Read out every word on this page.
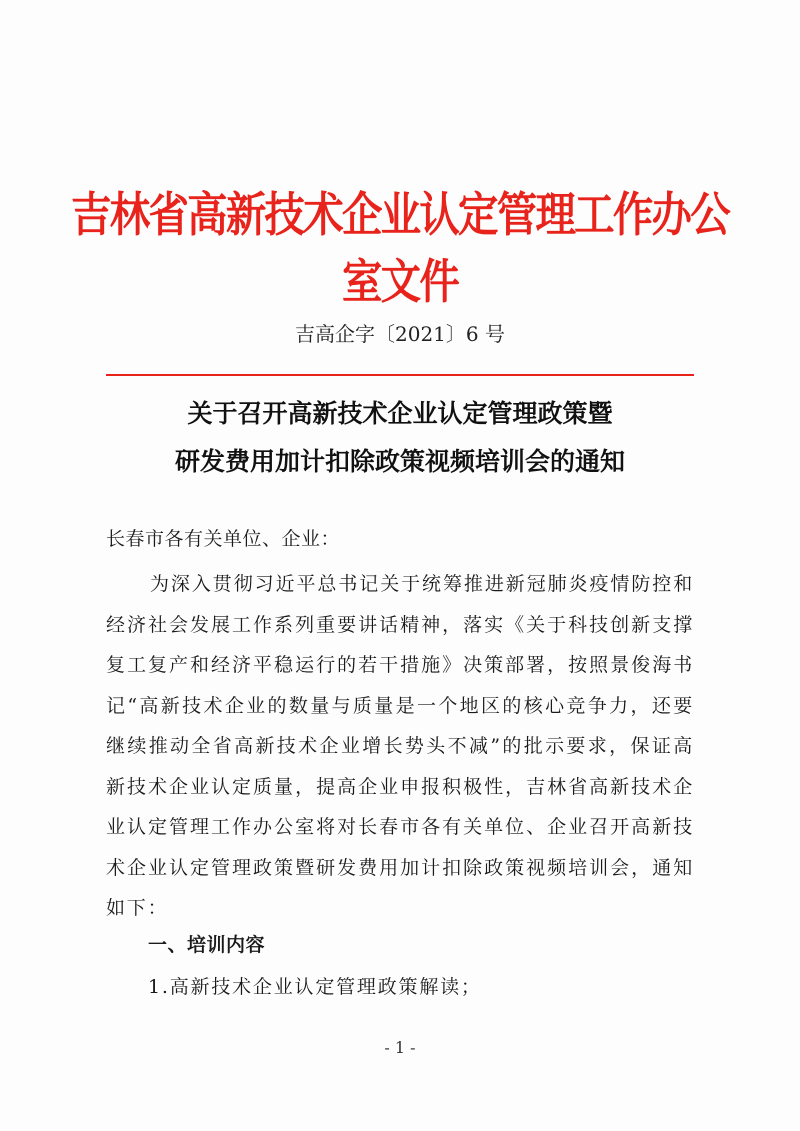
吉林省高新技术企业认定管理工作办公室文件
吉高企字〔2021〕6 号
关于召开高新技术企业认定管理政策暨
研发费用加计扣除政策视频培训会的通知
长春市各有关单位、企业：
为深入贯彻习近平总书记关于统筹推进新冠肺炎疫情防控和经济社会发展工作系列重要讲话精神，落实《关于科技创新支撑复工复产和经济平稳运行的若干措施》决策部署，按照景俊海书记“高新技术企业的数量与质量是一个地区的核心竞争力，还要继续推动全省高新技术企业增长势头不减”的批示要求，保证高新技术企业认定质量，提高企业申报积极性，吉林省高新技术企业认定管理工作办公室将对长春市各有关单位、企业召开高新技术企业认定管理政策暨研发费用加计扣除政策视频培训会，通知如下：
一、培训内容
1.高新技术企业认定管理政策解读；
- 1 -
